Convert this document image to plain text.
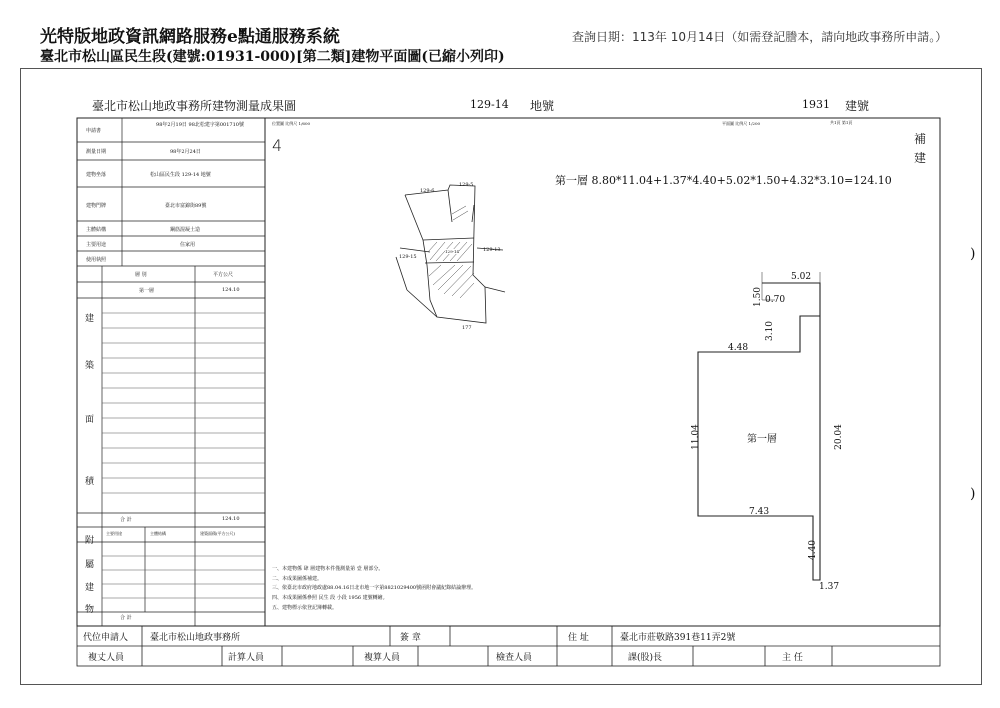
光特版地政資訊網路服務e點通服務系統	查詢日期：113年 10月14日（如需登記謄本，請向地政事務所申請。）
臺北市松山區民生段(建號:01931-000)[第二類]建物平面圖(已縮小列印)
臺北市松山地政事務所建物測量成果圖	129-14 地號	1931 建號
申請書
98年2月19日 98北松建字第001710號
測量日期	98年2月24日
建物坐落	松山區民生段 129-14 地號
建物門牌	臺北市富錦街89號
主體結構	鋼筋混凝土造
主要用途	住家用
使用執照
層 別	平方公尺
第一層	124.10
建
築
面
積
合 計	124.10
主要用途	主體結構	建築面積(平方公尺)
附
屬
建
物
合 計
位置圖 比例尺 1/600
4
平面圖 比例尺 1/200	共1頁 第1頁
補建
第一層 8.80*11.04+1.37*4.40+5.02*1.50+4.32*3.10=124.10
129-6
129-5
129-15
129-14	129-13
177
5.02
1.50 0.70
3.10
4.48
11.04	20.04
7.43
4.40
1.37
第一層
一、本建物係 肆 層建物本件僅測量第 壹 層部分。
二、本成果圖係補建。
三、依臺北市政府地政處88.04.16日北市地一字第8821029400號函附會議紀錄結論辦理。
四、本成果圖係參照 民生 段 小段 1956 建號轉繪。
五、建物標示依登記簿轉載。
代位申請人 臺北市松山地政事務所	簽 章	住 址	臺北市莊敬路391巷11弄2號
複丈人員	計算人員	複算人員	檢查人員	課(股)長	主 任
)
)
